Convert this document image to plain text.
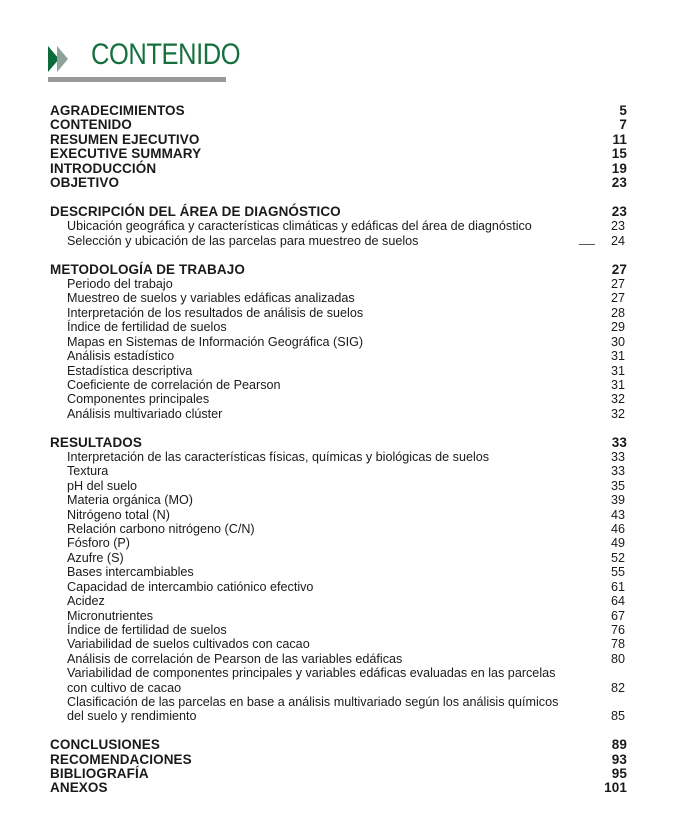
CONTENIDO
AGRADECIMIENTOS	5
CONTENIDO	7
RESUMEN EJECUTIVO	11
EXECUTIVE SUMMARY	15
INTRODUCCIÓN	19
OBJETIVO	23
DESCRIPCIÓN DEL ÁREA DE DIAGNÓSTICO	23
Ubicación geográfica y características climáticas y edáficas del área de diagnóstico	23
Selección y ubicación de las parcelas para muestreo de suelos	24
METODOLOGÍA DE TRABAJO	27
Periodo del trabajo	27
Muestreo de suelos y variables edáficas analizadas	27
Interpretación de los resultados de análisis de suelos	28
Índice de fertilidad de suelos	29
Mapas en Sistemas de Información Geográfica (SIG)	30
Análisis estadístico	31
Estadística descriptiva	31
Coeficiente de correlación de Pearson	31
Componentes principales	32
Análisis multivariado clúster	32
RESULTADOS	33
Interpretación de las características físicas, químicas y biológicas de suelos	33
Textura	33
pH del suelo	35
Materia orgánica (MO)	39
Nitrógeno total (N)	43
Relación carbono nitrógeno (C/N)	46
Fósforo (P)	49
Azufre (S)	52
Bases intercambiables	55
Capacidad de intercambio catiónico efectivo	61
Acidez	64
Micronutrientes	67
Índice de fertilidad de suelos	76
Variabilidad de suelos cultivados con cacao	78
Análisis de correlación de Pearson de las variables edáficas	80
Variabilidad de componentes principales y variables edáficas evaluadas en las parcelas con cultivo de cacao	82
Clasificación de las parcelas en base a análisis multivariado según los análisis químicos del suelo y rendimiento	85
CONCLUSIONES	89
RECOMENDACIONES	93
BIBLIOGRAFÍA	95
ANEXOS	101
